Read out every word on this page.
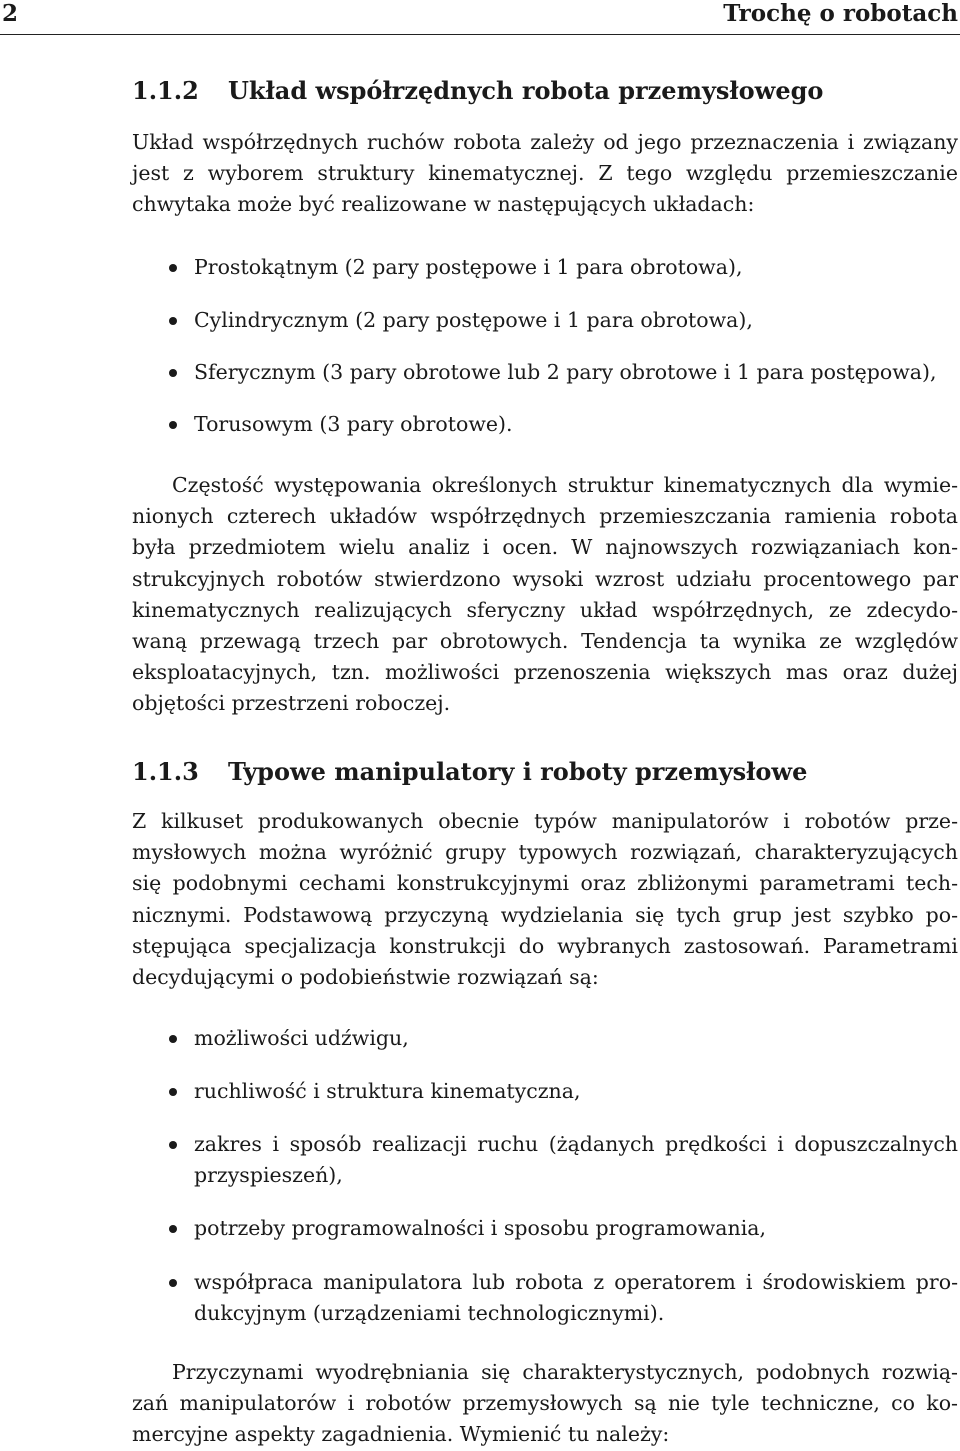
2	Trochę o robotach
1.1.2 Układ współrzędnych robota przemysłowego
Układ współrzędnych ruchów robota zależy od jego przeznaczenia i związany
jest z wyborem struktury kinematycznej. Z tego względu przemieszczanie
chwytaka może być realizowane w następujących układach:
Prostokątnym (2 pary postępowe i 1 para obrotowa),
Cylindrycznym (2 pary postępowe i 1 para obrotowa),
Sferycznym (3 pary obrotowe lub 2 pary obrotowe i 1 para postępowa),
Torusowym (3 pary obrotowe).
Częstość występowania określonych struktur kinematycznych dla wymie-
nionych czterech układów współrzędnych przemieszczania ramienia robota
była przedmiotem wielu analiz i ocen. W najnowszych rozwiązaniach kon-
strukcyjnych robotów stwierdzono wysoki wzrost udziału procentowego par
kinematycznych realizujących sferyczny układ współrzędnych, ze zdecydo-
waną przewagą trzech par obrotowych. Tendencja ta wynika ze względów
eksploatacyjnych, tzn. możliwości przenoszenia większych mas oraz dużej
objętości przestrzeni roboczej.
1.1.3 Typowe manipulatory i roboty przemysłowe
Z kilkuset produkowanych obecnie typów manipulatorów i robotów prze-
mysłowych można wyróżnić grupy typowych rozwiązań, charakteryzujących
się podobnymi cechami konstrukcyjnymi oraz zbliżonymi parametrami tech-
nicznymi. Podstawową przyczyną wydzielania się tych grup jest szybko po-
stępująca specjalizacja konstrukcji do wybranych zastosowań. Parametrami
decydującymi o podobieństwie rozwiązań są:
możliwości udźwigu,
ruchliwość i struktura kinematyczna,
zakres i sposób realizacji ruchu (żądanych prędkości i dopuszczalnych
przyspieszeń),
potrzeby programowalności i sposobu programowania,
współpraca manipulatora lub robota z operatorem i środowiskiem pro-
dukcyjnym (urządzeniami technologicznymi).
Przyczynami wyodrębniania się charakterystycznych, podobnych rozwią-
zań manipulatorów i robotów przemysłowych są nie tyle techniczne, co ko-
mercyjne aspekty zagadnienia. Wymienić tu należy:
